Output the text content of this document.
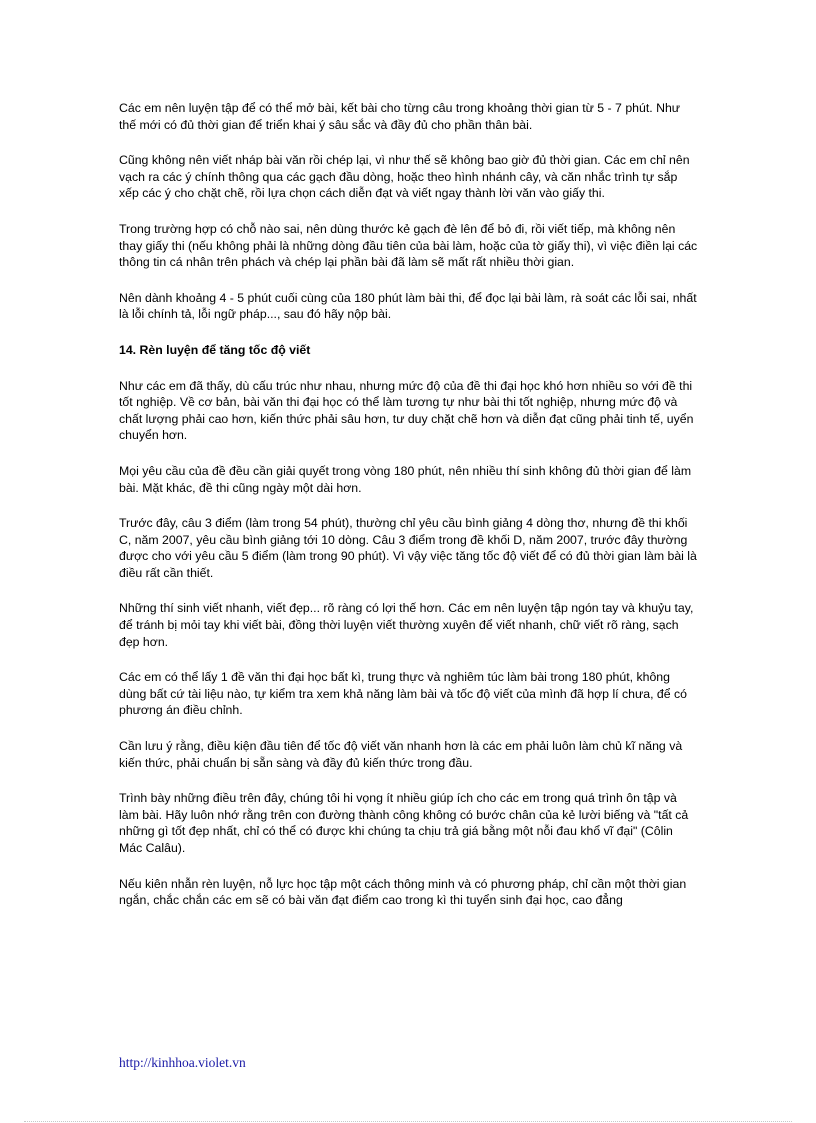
Các em nên luyện tập để có thể mở bài, kết bài cho từng câu trong khoảng thời gian từ 5 - 7 phút. Như thế mới có đủ thời gian để triển khai ý sâu sắc và đầy đủ cho phần thân bài.

Cũng không nên viết nháp bài văn rồi chép lại, vì như thế sẽ không bao giờ đủ thời gian. Các em chỉ nên vạch ra các ý chính thông qua các gạch đầu dòng, hoặc theo hình nhánh cây, và căn nhắc trình tự sắp xếp các ý cho chặt chẽ, rồi lựa chọn cách diễn đạt và viết ngay thành lời văn vào giấy thi.

Trong trường hợp có chỗ nào sai, nên dùng thước kẻ gạch đè lên để bỏ đi, rồi viết tiếp, mà không nên thay giấy thi (nếu không phải là những dòng đầu tiên của bài làm, hoặc của tờ giấy thi), vì việc điền lại các thông tin cá nhân trên phách và chép lại phần bài đã làm sẽ mất rất nhiều thời gian.

Nên dành khoảng 4 - 5 phút cuối cùng của 180 phút làm bài thi, để đọc lại bài làm, rà soát các lỗi sai, nhất là lỗi chính tả, lỗi ngữ pháp..., sau đó hãy nộp bài.

14. Rèn luyện để tăng tốc độ viết

Như các em đã thấy, dù cấu trúc như nhau, nhưng mức độ của đề thi đại học khó hơn nhiều so với đề thi tốt nghiệp. Về cơ bản, bài văn thi đại học có thể làm tương tự như bài thi tốt nghiệp, nhưng mức độ và chất lượng phải cao hơn, kiến thức phải sâu hơn, tư duy chặt chẽ hơn và diễn đạt cũng phải tinh tế, uyển chuyển hơn.

Mọi yêu cầu của đề đều cần giải quyết trong vòng 180 phút, nên nhiều thí sinh không đủ thời gian để làm bài. Mặt khác, đề thi cũng ngày một dài hơn.

Trước đây, câu 3 điểm (làm trong 54 phút), thường chỉ yêu cầu bình giảng 4 dòng thơ, nhưng đề thi khối C, năm 2007, yêu cầu bình giảng tới 10 dòng. Câu 3 điểm trong đề khối D, năm 2007, trước đây thường được cho với yêu cầu 5 điểm (làm trong 90 phút). Vì vậy việc tăng tốc độ viết để có đủ thời gian làm bài là điều rất cần thiết.

Những thí sinh viết nhanh, viết đẹp... rõ ràng có lợi thế hơn. Các em nên luyện tập ngón tay và khuỷu tay, để tránh bị mỏi tay khi viết bài, đồng thời luyện viết thường xuyên để viết nhanh, chữ viết rõ ràng, sạch đẹp hơn.

Các em có thể lấy 1 đề văn thi đại học bất kì, trung thực và nghiêm túc làm bài trong 180 phút, không dùng bất cứ tài liệu nào, tự kiểm tra xem khả năng làm bài và tốc độ viết của mình đã hợp lí chưa, để có phương án điều chỉnh.

Cần lưu ý rằng, điều kiện đầu tiên để tốc độ viết văn nhanh hơn là các em phải luôn làm chủ kĩ năng và kiến thức, phải chuẩn bị sẵn sàng và đầy đủ kiến thức trong đầu.

Trình bày những điều trên đây, chúng tôi hi vọng ít nhiều giúp ích cho các em trong quá trình ôn tập và làm bài. Hãy luôn nhớ rằng trên con đường thành công không có bước chân của kẻ lười biếng và "tất cả những gì tốt đẹp nhất, chỉ có thể có được khi chúng ta chịu trả giá bằng một nỗi đau khổ vĩ đại" (Côlin Mác Calâu).

Nếu kiên nhẫn rèn luyện, nỗ lực học tập một cách thông minh và có phương pháp, chỉ cần một thời gian ngắn, chắc chắn các em sẽ có bài văn đạt điểm cao trong kì thi tuyển sinh đại học, cao đẳng

http://kinhhoa.violet.vn
